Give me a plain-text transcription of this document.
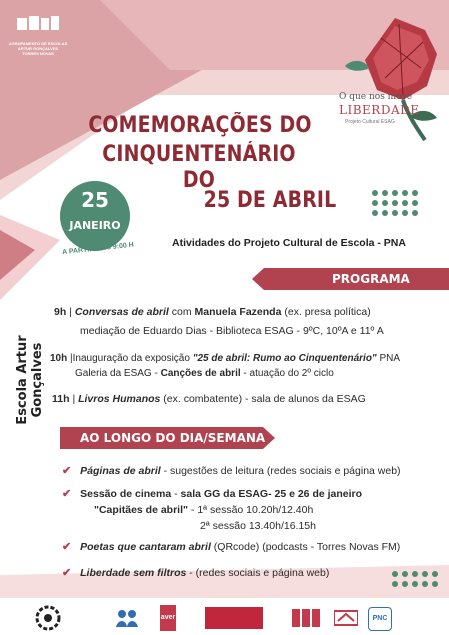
AGRUPAMENTO DE ESCOLAS
ARTUR GONÇALVES
TORRES NOVAS
O que nos move
LIBERDADE
Projeto Cultural ESAG
COMEMORAÇÕES DO
CINQUENTENÁRIO DO
25 DE ABRIL
25
JANEIRO
A PARTIR DAS 9:00 H	Atividades do Projeto Cultural de Escola - PNA
PROGRAMA
Escola Artur Gonçalves
9h | Conversas de abril com Manuela Fazenda (ex. presa política)
mediação de Eduardo Dias - Biblioteca ESAG - 9ºC, 10ºA e 11º A
10h |Inauguração da exposição "25 de abril: Rumo ao Cinquentenário" PNA
Galeria da ESAG - Canções de abril - atuação do 2º ciclo
11h | Livros Humanos (ex. combatente) - sala de alunos da ESAG
AO LONGO DO DIA/SEMANA
✔ Páginas de abril - sugestões de leitura (redes sociais e página web)
✔ Sessão de cinema - sala GG da ESAG- 25 e 26 de janeiro
"Capitães de abril" - 1ª sessão 10.20h/12.40h
2ª sessão 13.40h/16.15h
✔ Poetas que cantaram abril (QRcode) (podcasts - Torres Novas FM)
✔ Liberdade sem filtros - (redes sociais e página web)
aver	PNC
